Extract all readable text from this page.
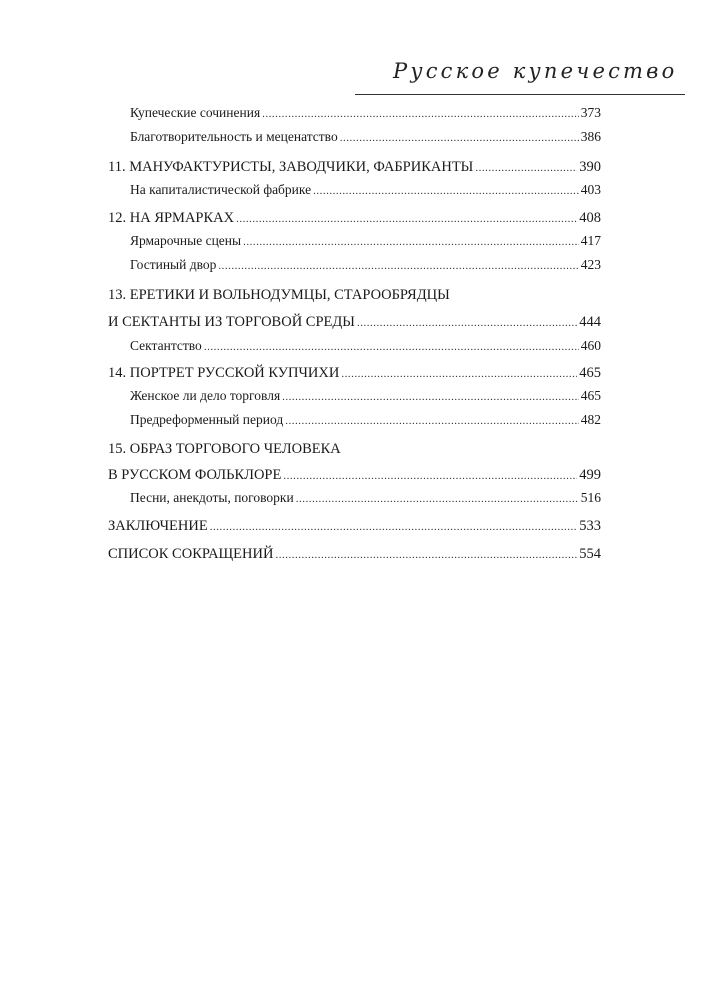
Русское купечество
Купеческие сочинения .....	373
Благотворительность и меценатство .....	386
11. МАНУФАКТУРИСТЫ, ЗАВОДЧИКИ, ФАБРИКАНТЫ .....	390
На капиталистической фабрике .....	403
12. НА ЯРМАРКАХ .....	408
Ярмарочные сцены .....	417
Гостиный двор .....	423
13. ЕРЕТИКИ И ВОЛЬНОДУМЦЫ, СТАРООБРЯДЦЫ
И СЕКТАНТЫ ИЗ ТОРГОВОЙ СРЕДЫ .....	444
Сектантство .....	460
14. ПОРТРЕТ РУССКОЙ КУПЧИХИ .....	465
Женское ли дело торговля .....	465
Предреформенный период .....	482
15. ОБРАЗ ТОРГОВОГО ЧЕЛОВЕКА
В РУССКОМ ФОЛЬКЛОРЕ .....	499
Песни, анекдоты, поговорки .....	516
ЗАКЛЮЧЕНИЕ .....	533
СПИСОК СОКРАЩЕНИЙ .....	554
